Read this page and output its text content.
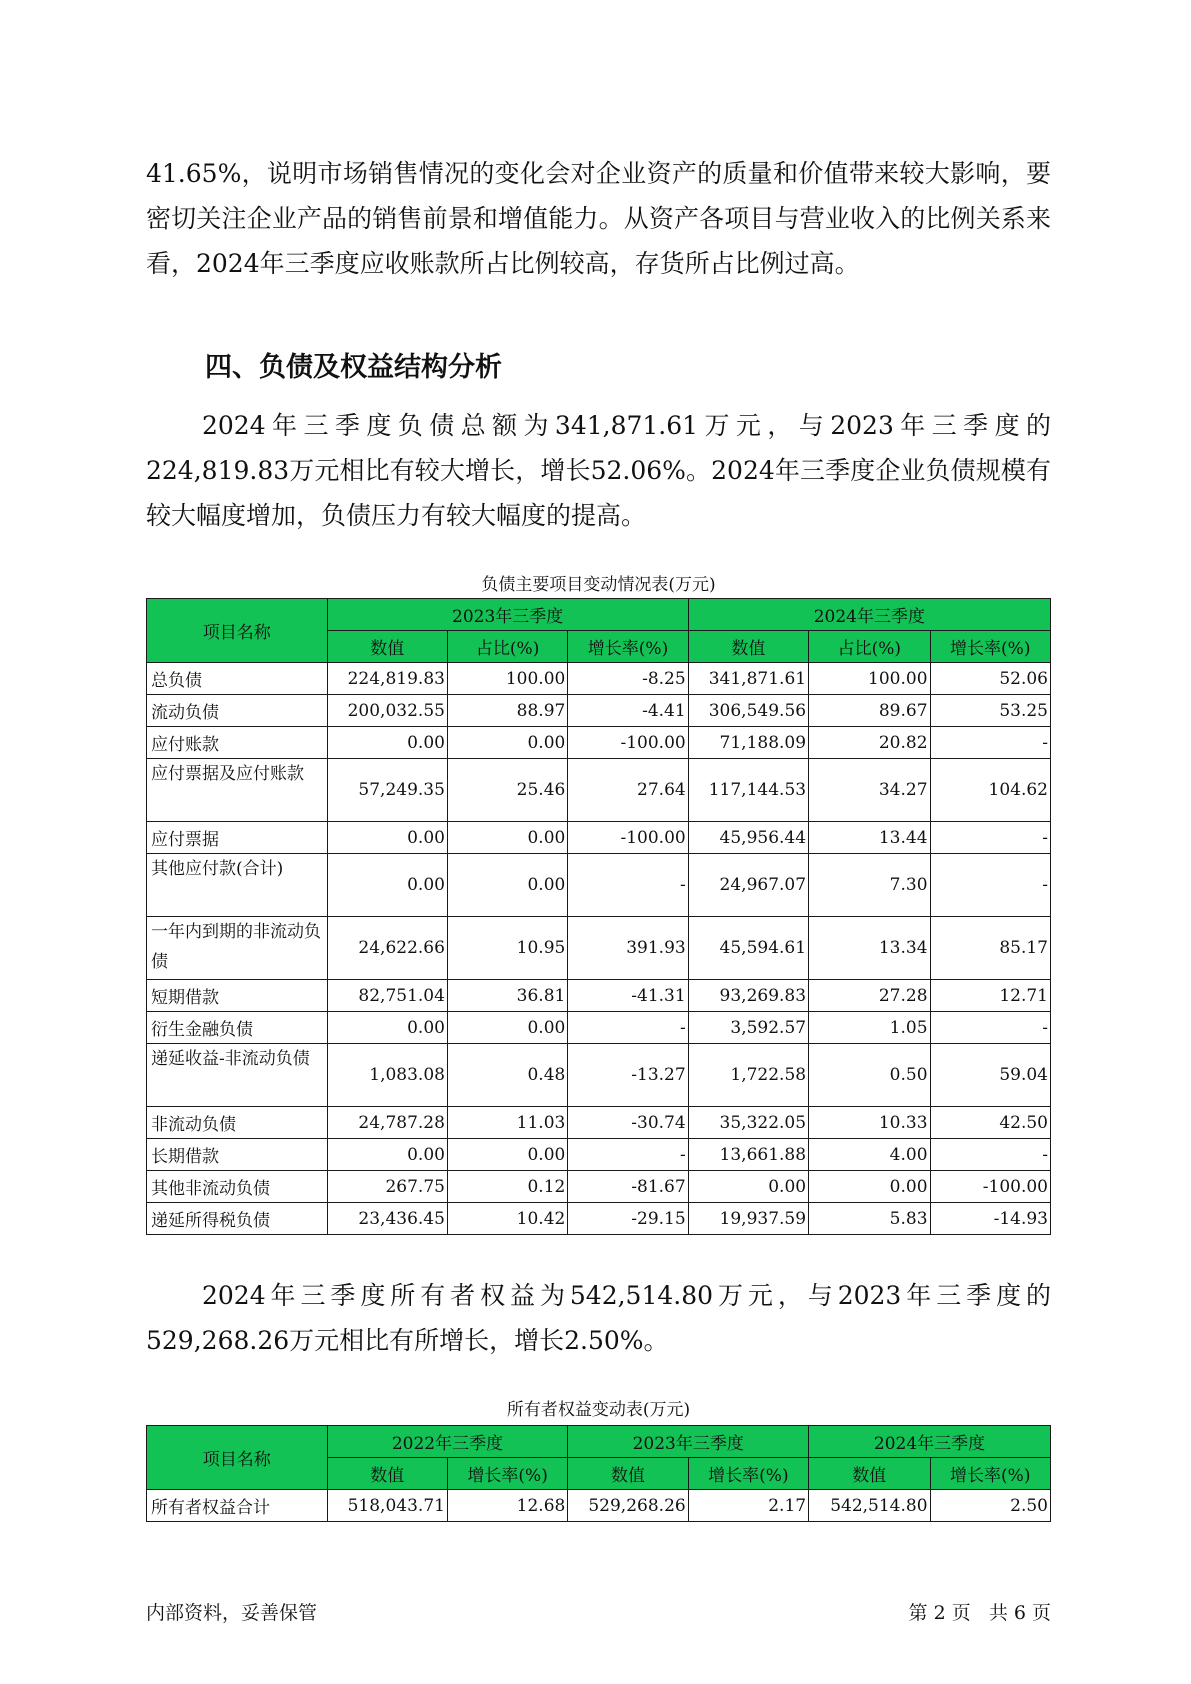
41.65%，说明市场销售情况的变化会对企业资产的质量和价值带来较大影响，要密切关注企业产品的销售前景和增值能力。从资产各项目与营业收入的比例关系来看，2024年三季度应收账款所占比例较高，存货所占比例过高。

四、负债及权益结构分析

2024年三季度负债总额为341,871.61万元，与2023年三季度的224,819.83万元相比有较大增长，增长52.06%。2024年三季度企业负债规模有较大幅度增加，负债压力有较大幅度的提高。

负债主要项目变动情况表(万元)
项目名称	2023年三季度			2024年三季度		
	数值	占比(%)	增长率(%)	数值	占比(%)	增长率(%)
总负债	224,819.83	100.00	-8.25	341,871.61	100.00	52.06
流动负债	200,032.55	88.97	-4.41	306,549.56	89.67	53.25
应付账款	0.00	0.00	-100.00	71,188.09	20.82	-
应付票据及应付账款	57,249.35	25.46	27.64	117,144.53	34.27	104.62
应付票据	0.00	0.00	-100.00	45,956.44	13.44	-
其他应付款(合计)	0.00	0.00	-	24,967.07	7.30	-
一年内到期的非流动负债	24,622.66	10.95	391.93	45,594.61	13.34	85.17
短期借款	82,751.04	36.81	-41.31	93,269.83	27.28	12.71
衍生金融负债	0.00	0.00	-	3,592.57	1.05	-
递延收益-非流动负债	1,083.08	0.48	-13.27	1,722.58	0.50	59.04
非流动负债	24,787.28	11.03	-30.74	35,322.05	10.33	42.50
长期借款	0.00	0.00	-	13,661.88	4.00	-
其他非流动负债	267.75	0.12	-81.67	0.00	0.00	-100.00
递延所得税负债	23,436.45	10.42	-29.15	19,937.59	5.83	-14.93

2024年三季度所有者权益为542,514.80万元，与2023年三季度的529,268.26万元相比有所增长，增长2.50%。

所有者权益变动表(万元)
项目名称	2022年三季度		2023年三季度		2024年三季度	
	数值	增长率(%)	数值	增长率(%)	数值	增长率(%)
所有者权益合计	518,043.71	12.68	529,268.26	2.17	542,514.80	2.50
内部资料，妥善保管	第 2 页   共 6 页
